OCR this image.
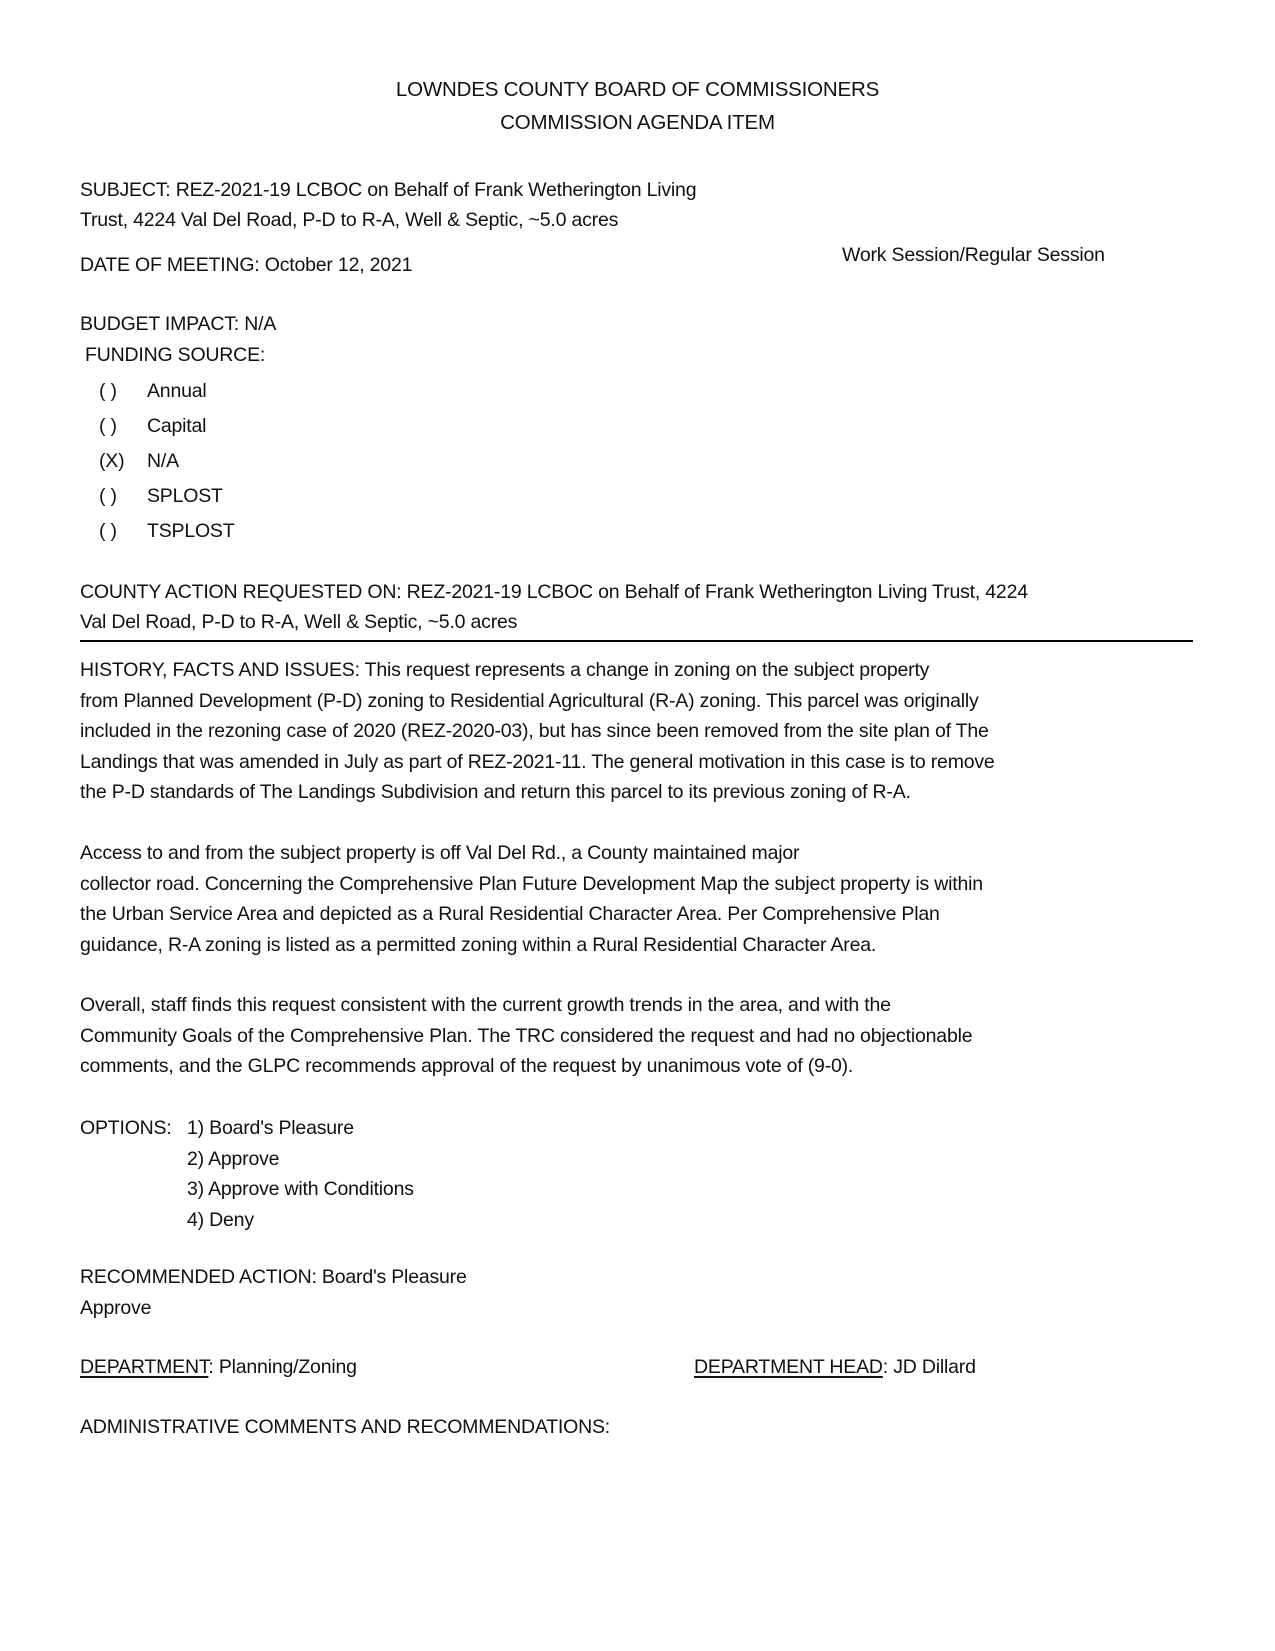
LOWNDES COUNTY BOARD OF COMMISSIONERS
COMMISSION AGENDA ITEM
SUBJECT: REZ-2021-19 LCBOC on Behalf of Frank Wetherington Living
Trust, 4224 Val Del Road, P-D to R-A, Well & Septic, ~5.0 acres
DATE OF MEETING: October 12, 2021	Work Session/Regular Session
BUDGET IMPACT: N/A
FUNDING SOURCE:
( )	Annual
( )	Capital
(X)	N/A
( )	SPLOST
( )	TSPLOST
COUNTY ACTION REQUESTED ON: REZ-2021-19 LCBOC on Behalf of Frank Wetherington Living Trust, 4224
Val Del Road, P-D to R-A, Well & Septic, ~5.0 acres
HISTORY, FACTS AND ISSUES: This request represents a change in zoning on the subject property
from Planned Development (P-D) zoning to Residential Agricultural (R-A) zoning. This parcel was originally
included in the rezoning case of 2020 (REZ-2020-03), but has since been removed from the site plan of The
Landings that was amended in July as part of REZ-2021-11. The general motivation in this case is to remove
the P-D standards of The Landings Subdivision and return this parcel to its previous zoning of R-A.
Access to and from the subject property is off Val Del Rd., a County maintained major
collector road. Concerning the Comprehensive Plan Future Development Map the subject property is within
the Urban Service Area and depicted as a Rural Residential Character Area. Per Comprehensive Plan
guidance, R-A zoning is listed as a permitted zoning within a Rural Residential Character Area.
Overall, staff finds this request consistent with the current growth trends in the area, and with the
Community Goals of the Comprehensive Plan. The TRC considered the request and had no objectionable
comments, and the GLPC recommends approval of the request by unanimous vote of (9-0).
OPTIONS: 1) Board's Pleasure
2) Approve
3) Approve with Conditions
4) Deny
RECOMMENDED ACTION: Board's Pleasure
Approve
DEPARTMENT: Planning/Zoning	DEPARTMENT HEAD: JD Dillard
ADMINISTRATIVE COMMENTS AND RECOMMENDATIONS:
